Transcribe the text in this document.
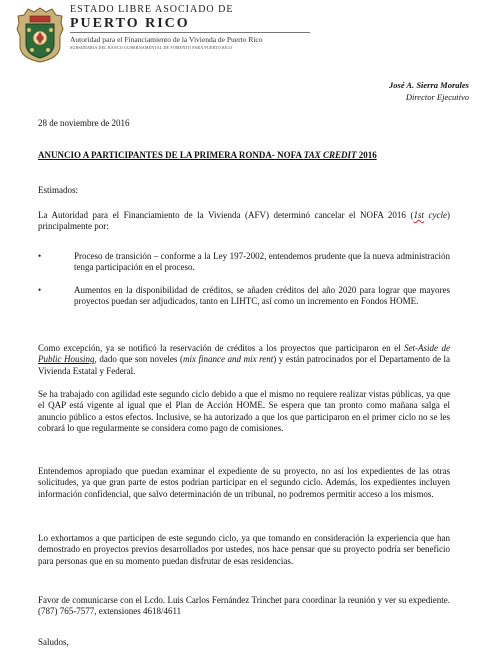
ESTADO LIBRE ASOCIADO DE
PUERTO RICO
Autoridad para el Financiamiento de la Vivienda de Puerto Rico
SUBSIDIARIA DEL BANCO GUBERNAMENTAL DE FOMENTO PARA PUERTO RICO
José A. Sierra Morales
Director Ejecutivo
28 de noviembre de 2016
ANUNCIO A PARTICIPANTES DE LA PRIMERA RONDA- NOFA TAX CREDIT 2016
Estimados:
La Autoridad para el Financiamiento de la Vivienda (AFV) determinó cancelar el NOFA 2016 (1st cycle) principalmente por:
•	Proceso de transición – conforme a la Ley 197-2002, entendemos prudente que la nueva administración tenga participación en el proceso.
•	Aumentos en la disponibilidad de créditos, se añaden créditos del año 2020 para lograr que mayores proyectos puedan ser adjudicados, tanto en LIHTC, así como un incremento en Fondos HOME.
Como excepción, ya se notificó la reservación de créditos a los proyectos que participaron en el Set-Aside de Public Housing, dado que son noveles (mix finance and mix rent) y están patrocinados por el Departamento de la Vivienda Estatal y Federal.
Se ha trabajado con agilidad este segundo ciclo debido a que el mismo no requiere realizar vistas públicas, ya que el QAP está vigente al igual que el Plan de Acción HOME. Se espera que tan pronto como mañana salga el anuncio público a estos efectos. Inclusive, se ha autorizado a que los que participaron en el primer ciclo no se les cobrará lo que regularmente se considera como pago de comisiones.
Entendemos apropiado que puedan examinar el expediente de su proyecto, no así los expedientes de las otras solicitudes, ya que gran parte de estos podrían participar en el segundo ciclo. Además, los expedientes incluyen información confidencial, que salvo determinación de un tribunal, no podremos permitir acceso a los mismos.
Lo exhortamos a que participen de este segundo ciclo, ya que tomando en consideración la experiencia que han demostrado en proyectos previos desarrollados por ustedes, nos hace pensar que su proyecto podría ser beneficio para personas que en su momento puedan disfrutar de esas residencias.
Favor de comunicarse con el Lcdo. Luis Carlos Fernández Trinchet para coordinar la reunión y ver su expediente. (787) 765-7577, extensiones 4618/4611
Saludos,
